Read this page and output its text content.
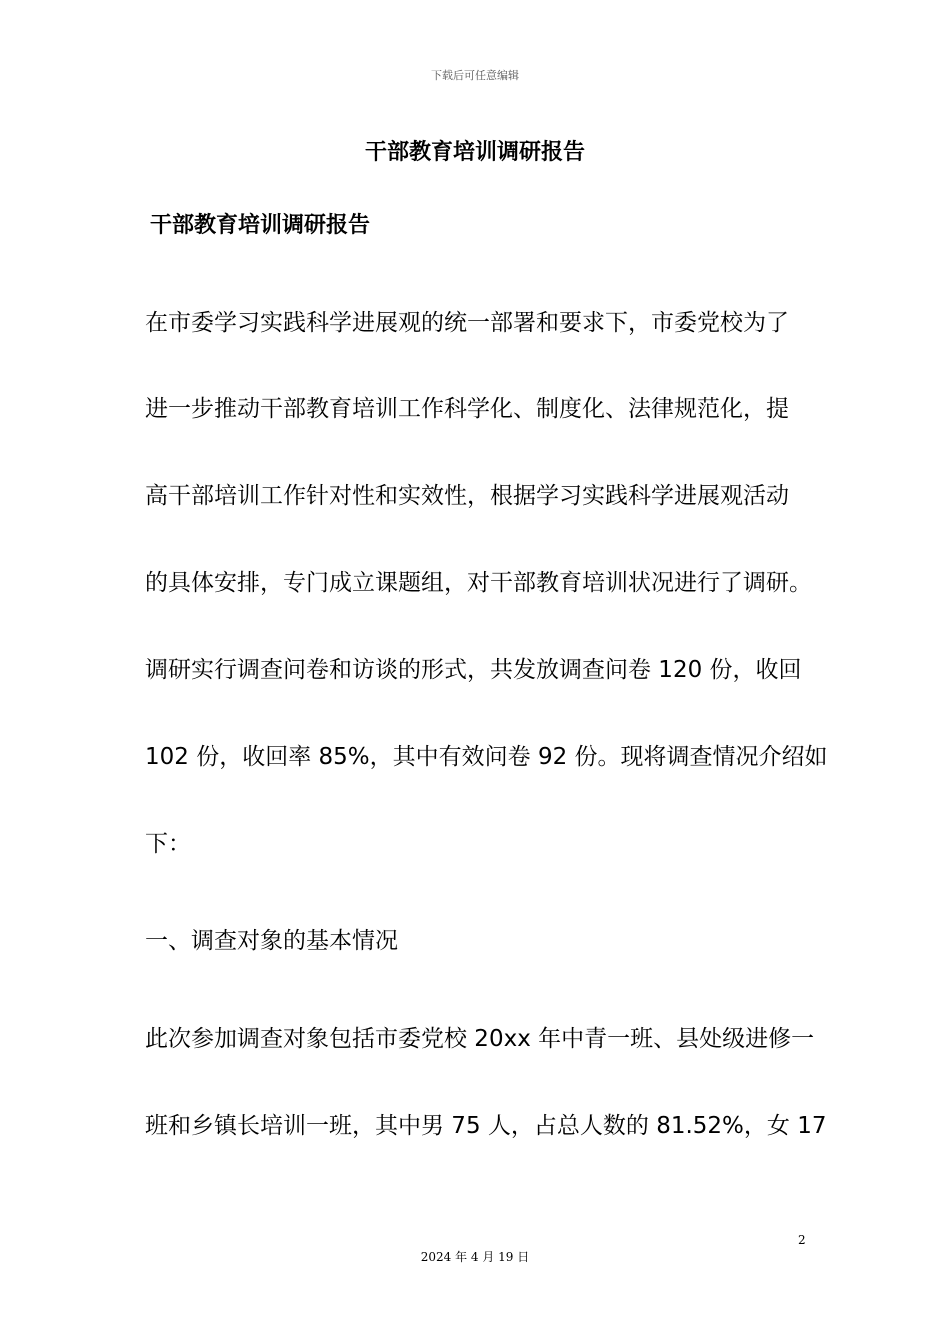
下载后可任意编辑
干部教育培训调研报告
干部教育培训调研报告

在市委学习实践科学进展观的统一部署和要求下，市委党校为了

进一步推动干部教育培训工作科学化、制度化、法律规范化，提

高干部培训工作针对性和实效性，根据学习实践科学进展观活动

的具体安排，专门成立课题组，对干部教育培训状况进行了调研。

调研实行调查问卷和访谈的形式，共发放调查问卷 120 份，收回

102 份，收回率 85%，其中有效问卷 92 份。现将调查情况介绍如

下：

一、调查对象的基本情况

此次参加调查对象包括市委党校 20xx 年中青一班、县处级进修一

班和乡镇长培训一班，其中男 75 人，占总人数的 81.52%，女 17

2
2024 年 4 月 19 日
